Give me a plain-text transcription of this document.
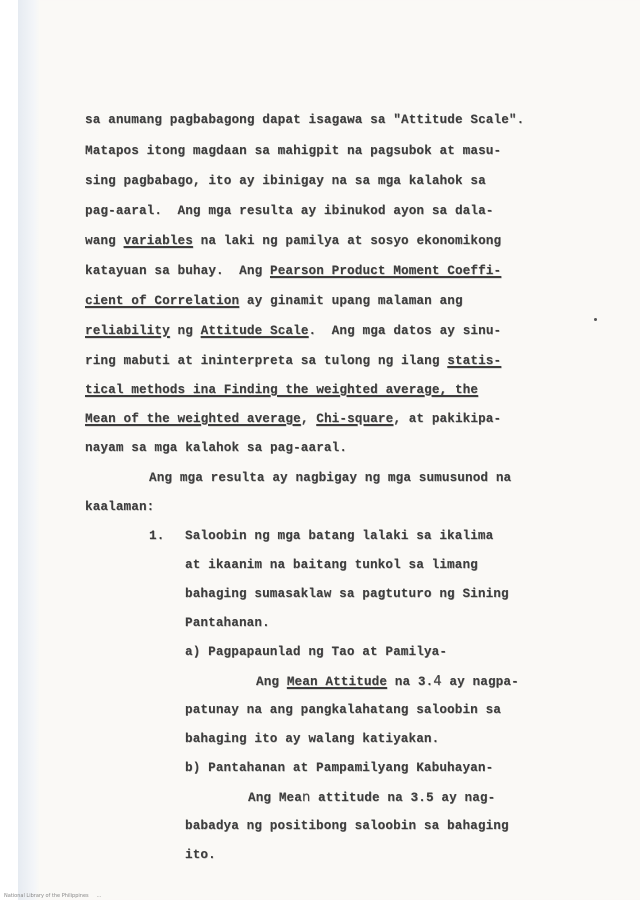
sa anumang pagbabagong dapat isagawa sa "Attitude Scale".
Matapos itong magdaan sa mahigpit na pagsubok at masu-
sing pagbabago, ito ay ibinigay na sa mga kalahok sa
pag-aaral.  Ang mga resulta ay ibinukod ayon sa dala-
wang variables na laki ng pamilya at sosyo ekonomikong
katayuan sa buhay.  Ang Pearson Product Moment Coeffi-
cient of Correlation ay ginamit upang malaman ang
reliability ng Attitude Scale.  Ang mga datos ay sinu-
ring mabuti at ininterpreta sa tulong ng ilang statis-
tical methods ina Finding the weighted average, the
Mean of the weighted average, Chi-square, at pakikipa-
nayam sa mga kalahok sa pag-aaral.
Ang mga resulta ay nagbigay ng mga sumusunod na
kaalaman:
1. Saloobin ng mga batang lalaki sa ikalima
at ikaanim na baitang tunkol sa limang
bahaging sumasaklaw sa pagtuturo ng Sining
Pantahanan.
a) Pagpapaunlad ng Tao at Pamilya-
Ang Mean Attitude na 3.4 ay nagpa-
patunay na ang pangkalahatang saloobin sa
bahaging ito ay walang katiyakan.
b) Pantahanan at Pampamilyang Kabuhayan-
Ang Mean attitude na 3.5 ay nag-
babadya ng positibong saloobin sa bahaging
ito.
National Library of the Philippines     ...
